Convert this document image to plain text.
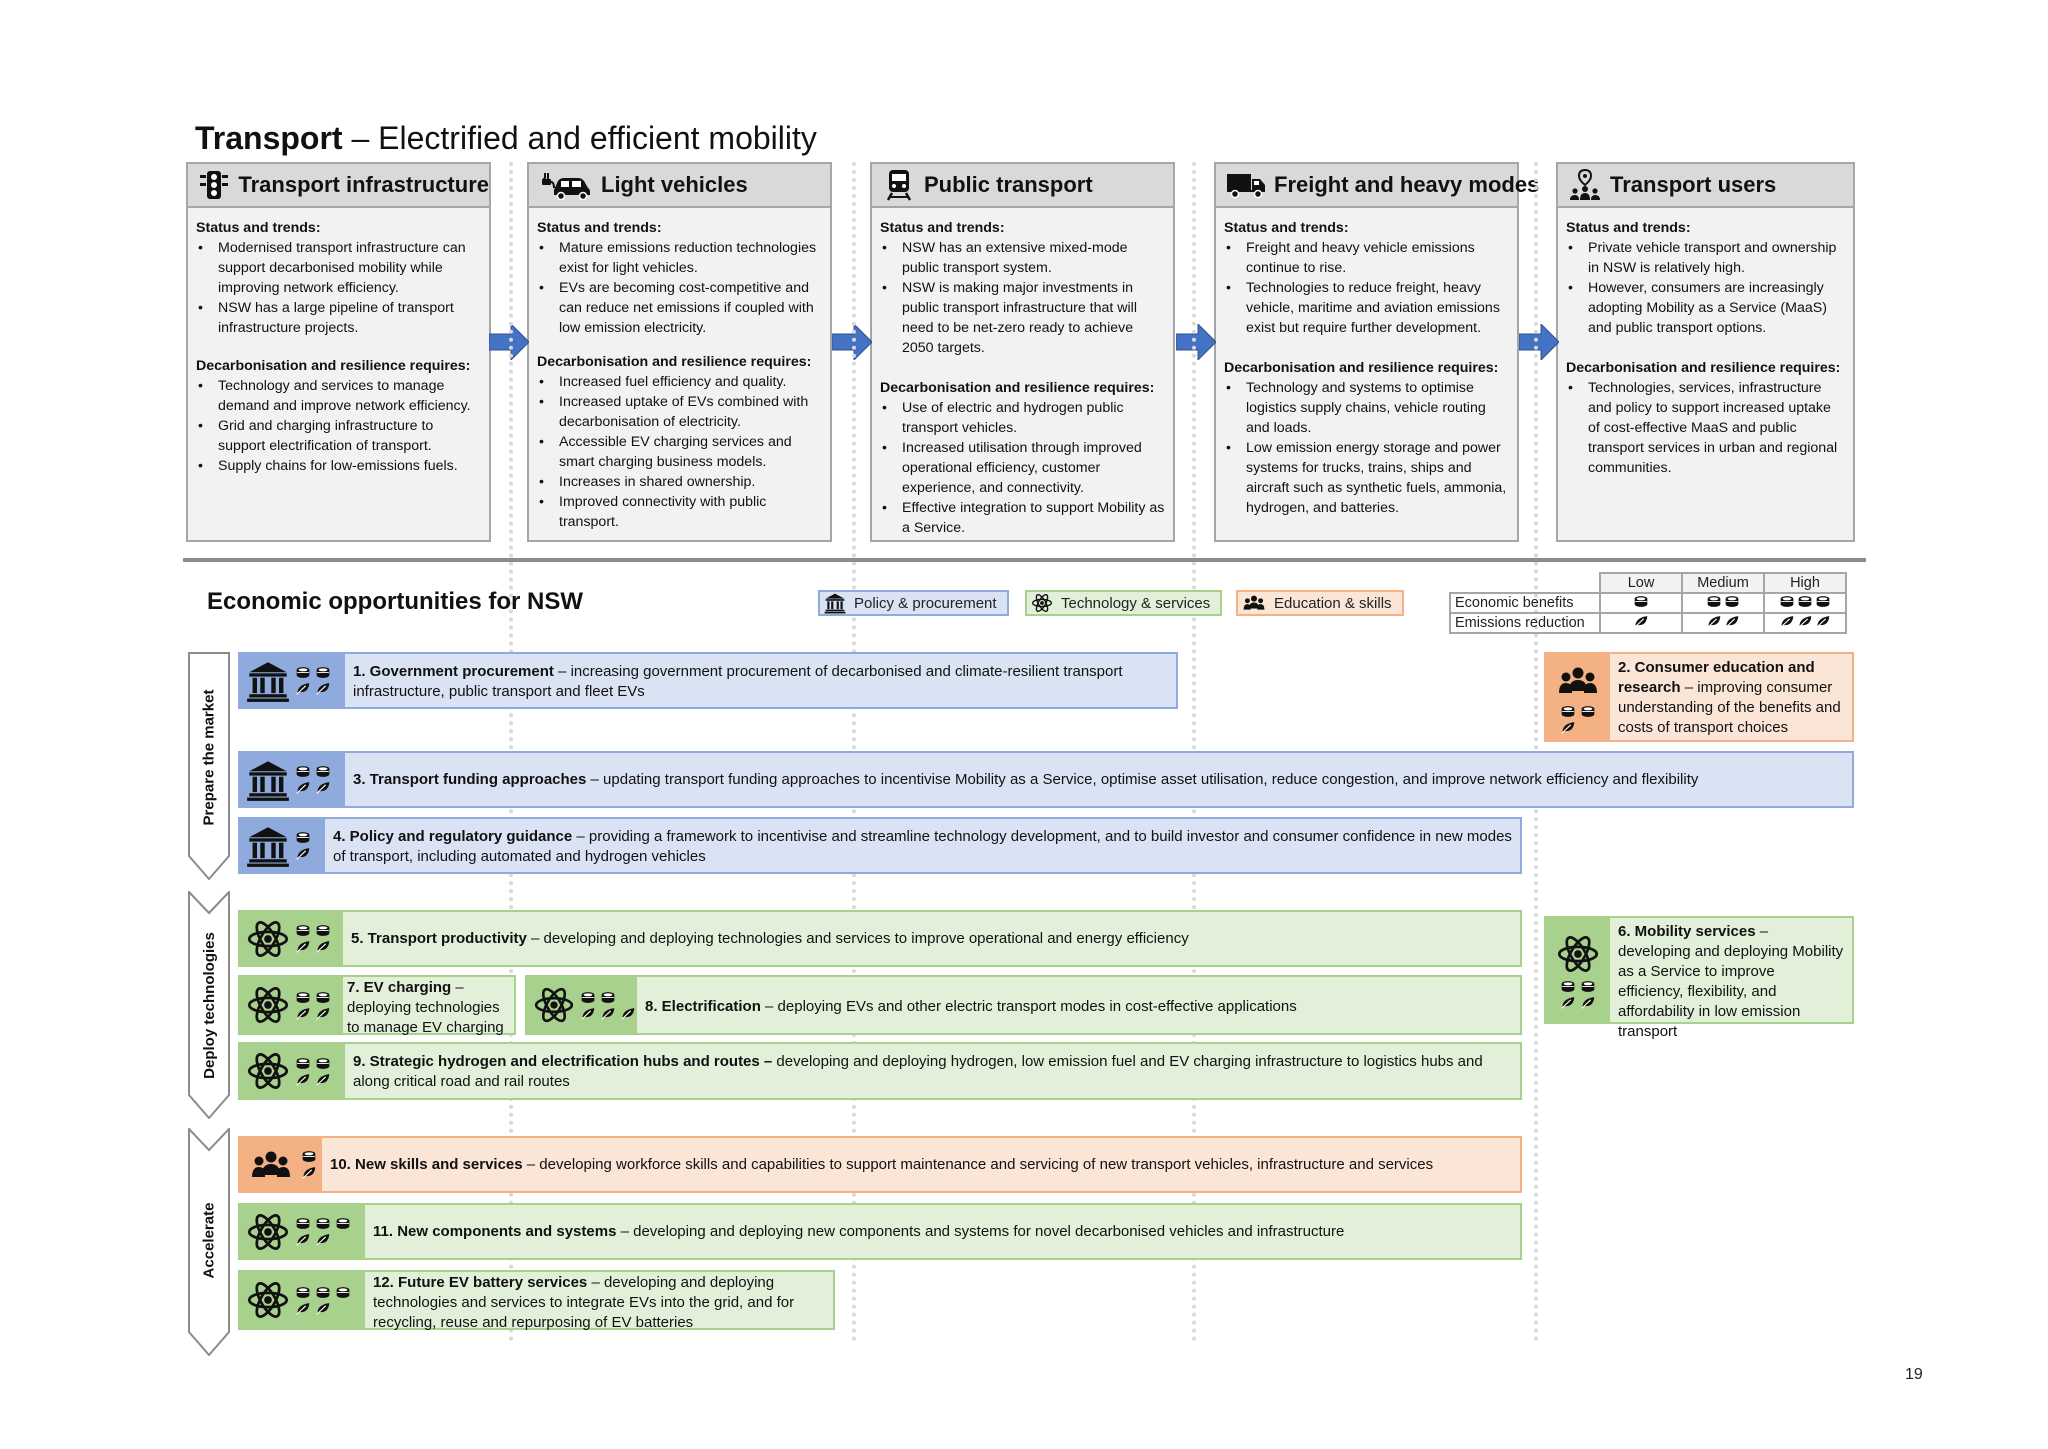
Transport – Electrified and efficient mobility
Transport infrastructure
Status and trends:
• Modernised transport infrastructure can support decarbonised mobility while improving network efficiency.
• NSW has a large pipeline of transport infrastructure projects.
Decarbonisation and resilience requires:
• Technology and services to manage demand and improve network efficiency.
• Grid and charging infrastructure to support electrification of transport.
• Supply chains for low-emissions fuels.
Light vehicles
Status and trends:
• Mature emissions reduction technologies exist for light vehicles.
• EVs are becoming cost-competitive and can reduce net emissions if coupled with low emission electricity.
Decarbonisation and resilience requires:
• Increased fuel efficiency and quality.
• Increased uptake of EVs combined with decarbonisation of electricity.
• Accessible EV charging services and smart charging business models.
• Increases in shared ownership.
• Improved connectivity with public transport.
Public transport
Status and trends:
• NSW has an extensive mixed-mode public transport system.
• NSW is making major investments in public transport infrastructure that will need to be net-zero ready to achieve 2050 targets.
Decarbonisation and resilience requires:
• Use of electric and hydrogen public transport vehicles.
• Increased utilisation through improved operational efficiency, customer experience, and connectivity.
• Effective integration to support Mobility as a Service.
Freight and heavy modes
Status and trends:
• Freight and heavy vehicle emissions continue to rise.
• Technologies to reduce freight, heavy vehicle, maritime and aviation emissions exist but require further development.
Decarbonisation and resilience requires:
• Technology and systems to optimise logistics supply chains, vehicle routing and loads.
• Low emission energy storage and power systems for trucks, trains, ships and aircraft such as synthetic fuels, ammonia, hydrogen, and batteries.
Transport users
Status and trends:
• Private vehicle transport and ownership in NSW is relatively high.
• However, consumers are increasingly adopting Mobility as a Service (MaaS) and public transport options.
Decarbonisation and resilience requires:
• Technologies, services, infrastructure and policy to support increased uptake of cost-effective MaaS and public transport services in urban and regional communities.
Economic opportunities for NSW	Policy & procurement	Technology & services	Education & skills
	Low	Medium	High
Economic benefits			
Emissions reduction			
Prepare the market
Deploy technologies
Accelerate
1. Government procurement – increasing government procurement of decarbonised and climate-resilient transport infrastructure, public transport and fleet EVs
2. Consumer education and research – improving consumer understanding of the benefits and costs of transport choices
3. Transport funding approaches – updating transport funding approaches to incentivise Mobility as a Service, optimise asset utilisation, reduce congestion, and improve network efficiency and flexibility
4. Policy and regulatory guidance – providing a framework to incentivise and streamline technology development, and to build investor and consumer confidence in new modes of transport, including automated and hydrogen vehicles
5. Transport productivity – developing and deploying technologies and services to improve operational and energy efficiency	6. Mobility services – developing and deploying Mobility as a Service to improve efficiency, flexibility, and affordability in low emission transport
7. EV charging – deploying technologies to manage EV charging
8. Electrification – deploying EVs and other electric transport modes in cost-effective applications
9. Strategic hydrogen and electrification hubs and routes – developing and deploying hydrogen, low emission fuel and EV charging infrastructure to logistics hubs and along critical road and rail routes
10. New skills and services – developing workforce skills and capabilities to support maintenance and servicing of new transport vehicles, infrastructure and services
11. New components and systems – developing and deploying new components and systems for novel decarbonised vehicles and infrastructure
12. Future EV battery services – developing and deploying technologies and services to integrate EVs into the grid, and for recycling, reuse and repurposing of EV batteries
19
